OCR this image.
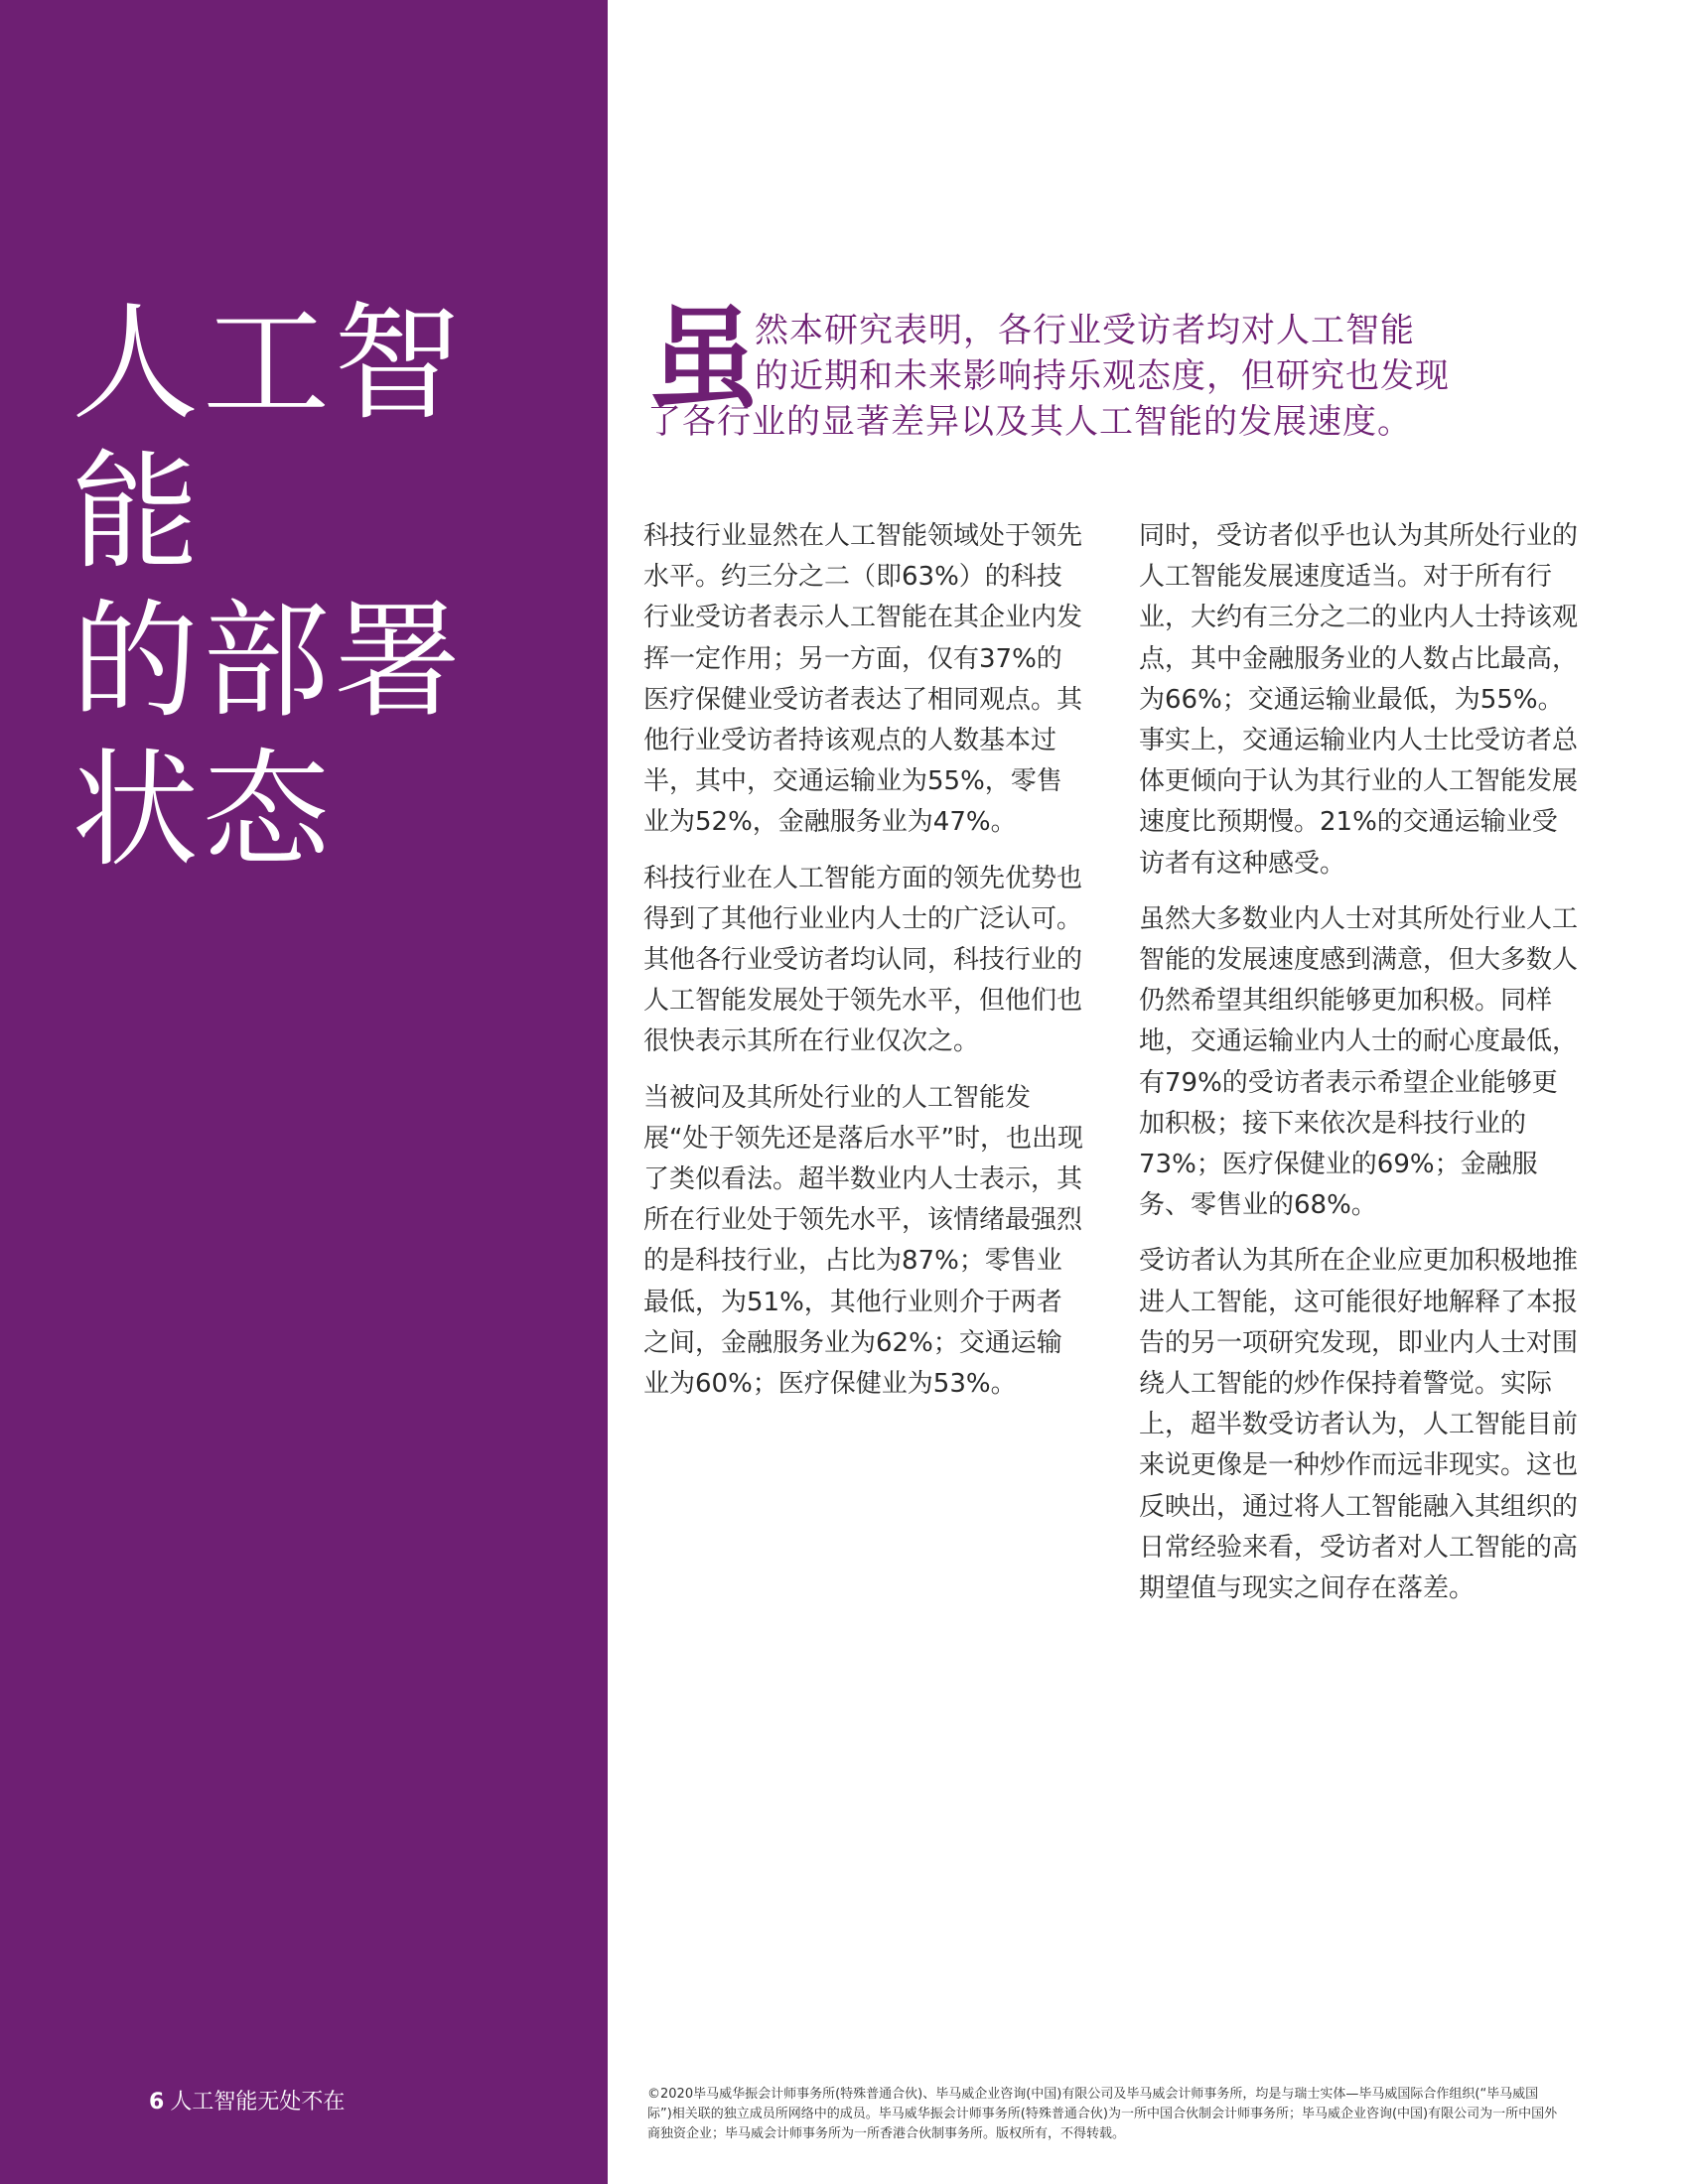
人工智能
的部署
状态
6 人工智能无处不在
虽
然本研究表明，各行业受访者均对人工智能
的近期和未来影响持乐观态度，但研究也发现
了各行业的显著差异以及其人工智能的发展速度。

科技行业显然在人工智能领域处于领先水平。约三分之二（即63%）的科技行业受访者表示人工智能在其企业内发挥一定作用；另一方面，仅有37%的医疗保健业受访者表达了相同观点。其他行业受访者持该观点的人数基本过半，其中，交通运输业为55%，零售业为52%，金融服务业为47%。

科技行业在人工智能方面的领先优势也得到了其他行业业内人士的广泛认可。其他各行业受访者均认同，科技行业的人工智能发展处于领先水平，但他们也很快表示其所在行业仅次之。

当被问及其所处行业的人工智能发展“处于领先还是落后水平”时，也出现了类似看法。超半数业内人士表示，其所在行业处于领先水平，该情绪最强烈的是科技行业，占比为87%；零售业最低，为51%，其他行业则介于两者之间，金融服务业为62%；交通运输业为60%；医疗保健业为53%。

同时，受访者似乎也认为其所处行业的人工智能发展速度适当。对于所有行业，大约有三分之二的业内人士持该观点，其中金融服务业的人数占比最高，为66%；交通运输业最低，为55%。事实上，交通运输业内人士比受访者总体更倾向于认为其行业的人工智能发展速度比预期慢。21%的交通运输业受访者有这种感受。

虽然大多数业内人士对其所处行业人工智能的发展速度感到满意，但大多数人仍然希望其组织能够更加积极。同样地，交通运输业内人士的耐心度最低，有79%的受访者表示希望企业能够更加积极；接下来依次是科技行业的73%；医疗保健业的69%；金融服务、零售业的68%。

受访者认为其所在企业应更加积极地推进人工智能，这可能很好地解释了本报告的另一项研究发现，即业内人士对围绕人工智能的炒作保持着警觉。实际上，超半数受访者认为，人工智能目前来说更像是一种炒作而远非现实。这也反映出，通过将人工智能融入其组织的日常经验来看，受访者对人工智能的高期望值与现实之间存在落差。

©2020毕马威华振会计师事务所(特殊普通合伙)、毕马威企业咨询(中国)有限公司及毕马威会计师事务所，均是与瑞士实体—毕马威国际合作组织(“毕马威国际”)相关联的独立成员所网络中的成员。毕马威华振会计师事务所(特殊普通合伙)为一所中国合伙制会计师事务所；毕马威企业咨询(中国)有限公司为一所中国外商独资企业；毕马威会计师事务所为一所香港合伙制事务所。版权所有，不得转载。
